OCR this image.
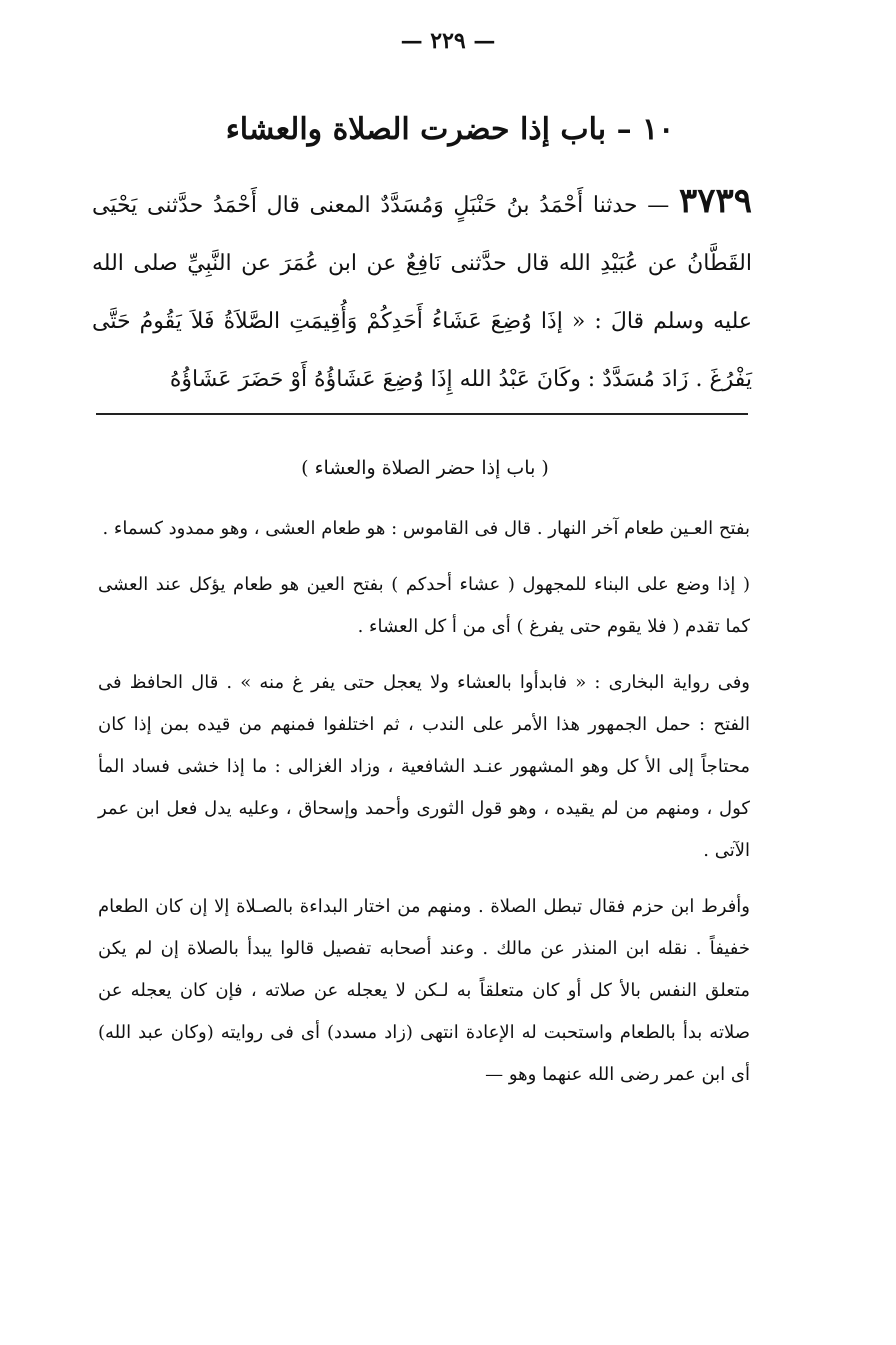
— ٢٢٩ —
١٠ – باب إذا حضرت الصلاة والعشاء
٣٧٣٩ — حدثنا أَحْمَدُ بنُ حَنْبَلٍ وَمُسَدَّدٌ المعنى قال أَحْمَدُ حدَّثنى يَحْيَى القَطَّانُ عن عُبَيْدِ الله قال حدَّثنى نَافِعٌ عن ابن عُمَرَ عن النَّبِيِّ صلى الله عليه وسلم قالَ : « إذَا وُضِعَ عَشَاءُ أَحَدِكُمْ وَأُقِيمَتِ الصَّلاَةُ فَلاَ يَقُومُ حَتَّى يَفْرُغَ . زَادَ مُسَدَّدٌ : وكَانَ عَبْدُ الله إِذَا وُضِعَ عَشَاؤُهُ أَوْ حَضَرَ عَشَاؤُهُ
( باب إذا حضر الصلاة والعشاء )

بفتح العـين طعام آخر النهار . قال فى القاموس : هو طعام العشى ، وهو ممدود كسماء .

( إذا وضع على البناء للمجهول ( عشاء أحدكم ) بفتح العين هو طعام يؤكل عند العشى كما تقدم ( فلا يقوم حتى يفرغ ) أى من أ كل العشاء .

وفى رواية البخارى : « فابدأوا بالعشاء ولا يعجل حتى يفر غ منه » . قال الحافظ فى الفتح : حمل الجمهور هذا الأمر على الندب ، ثم اختلفوا فمنهم من قيده بمن إذا كان محتاجاً إلى الأ كل وهو المشهور عنـد الشافعية ، وزاد الغزالى : ما إذا خشى فساد المأ كول ، ومنهم من لم يقيده ، وهو قول الثورى وأحمد وإسحاق ، وعليه يدل فعل ابن عمر الآتى .

وأفرط ابن حزم فقال تبطل الصلاة . ومنهم من اختار البداءة بالصـلاة إلا إن كان الطعام خفيفاً . نقله ابن المنذر عن مالك . وعند أصحابه تفصيل قالوا يبدأ بالصلاة إن لم يكن متعلق النفس بالأ كل أو كان متعلقاً به لـكن لا يعجله عن صلاته ، فإن كان يعجله عن صلاته بدأ بالطعام واستحبت له الإعادة انتهى (زاد مسدد) أى فى روايته (وكان عبد الله) أى ابن عمر رضى الله عنهما وهو —
